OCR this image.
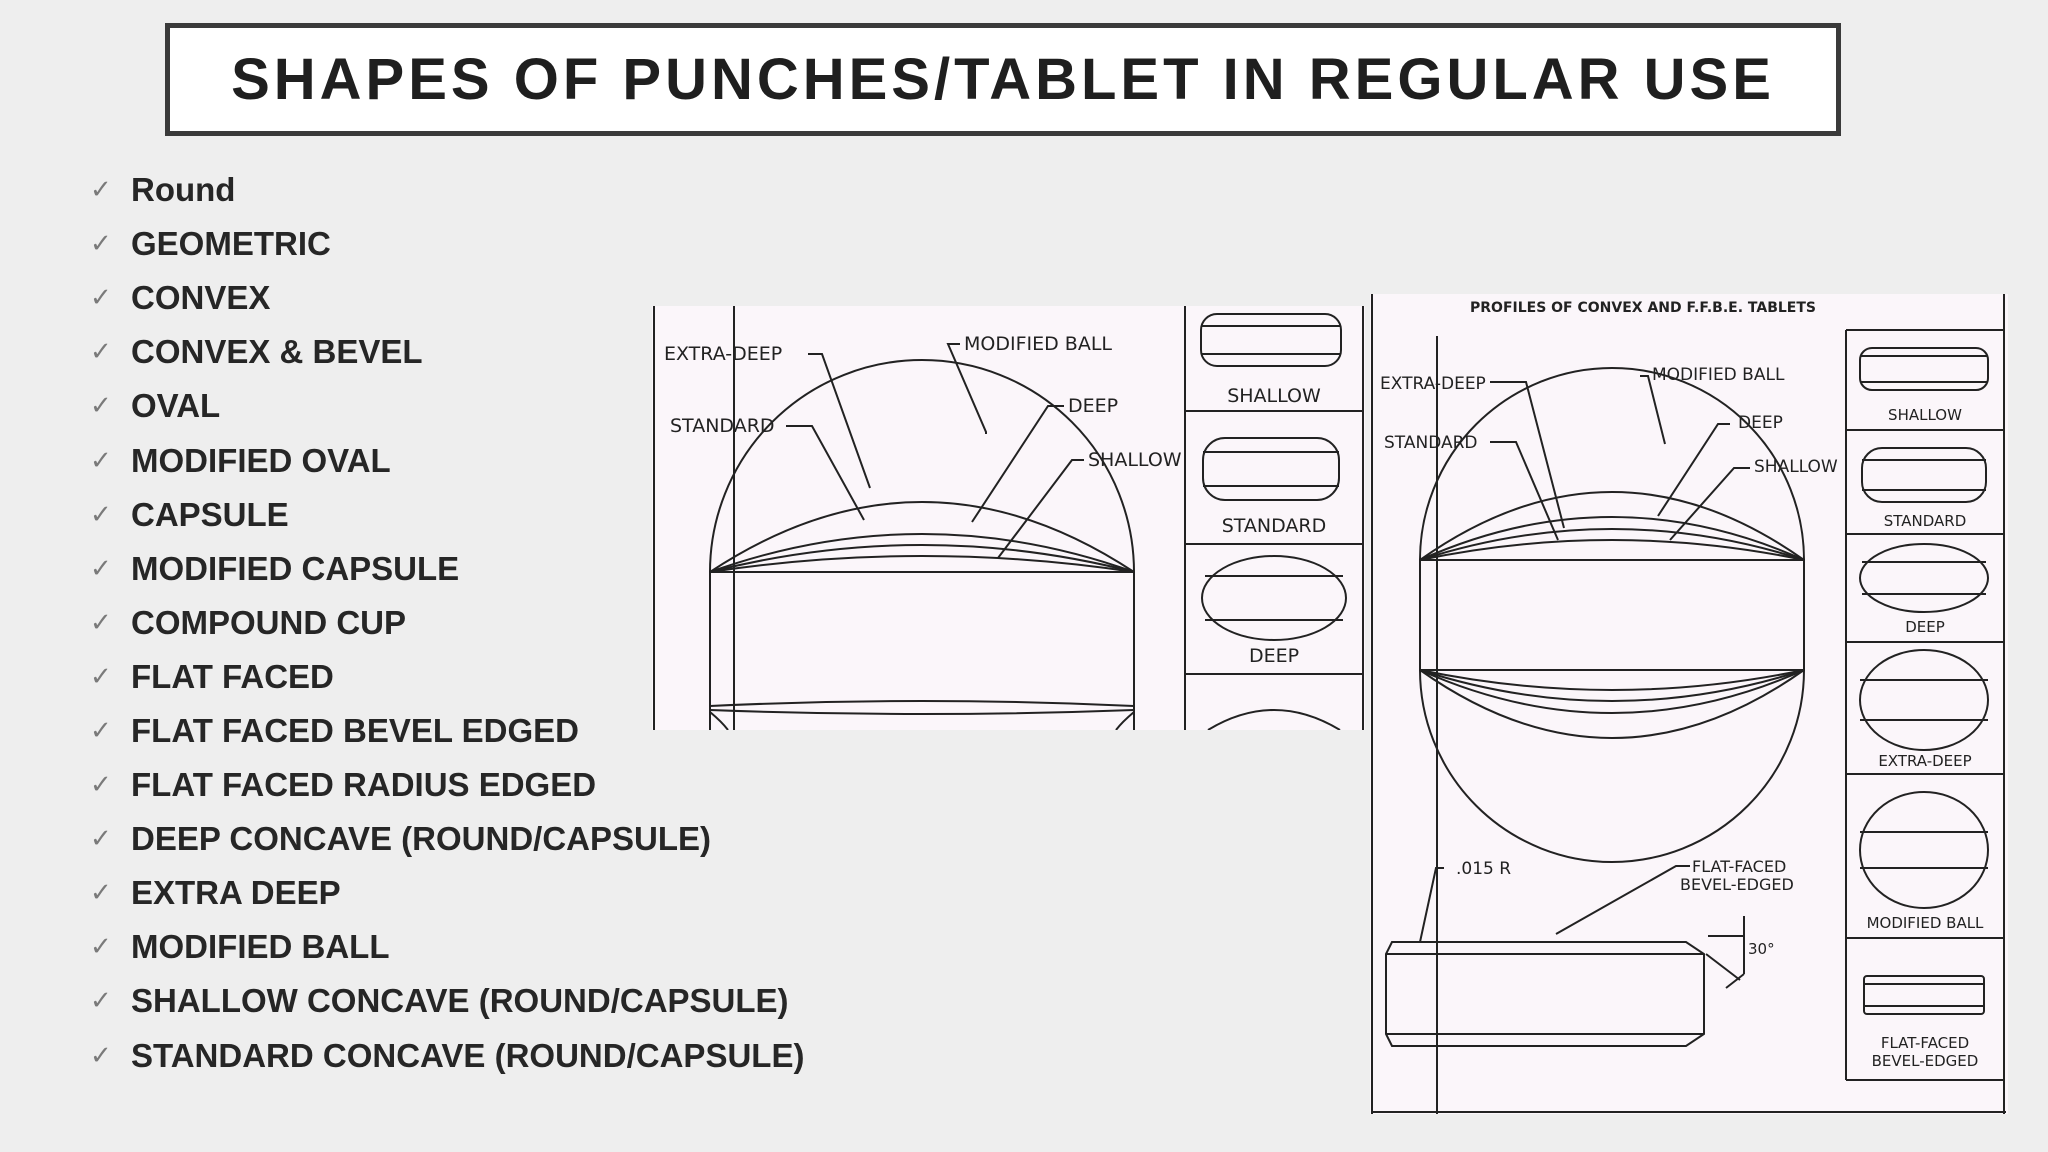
SHAPES OF PUNCHES/TABLET IN REGULAR USE
✓ Round
✓ GEOMETRIC
✓ CONVEX
✓ CONVEX & BEVEL
✓ OVAL
✓ MODIFIED OVAL
✓ CAPSULE
✓ MODIFIED CAPSULE
✓ COMPOUND CUP
✓ FLAT FACED
✓ FLAT FACED BEVEL EDGED
✓ FLAT FACED RADIUS EDGED
✓ DEEP CONCAVE (ROUND/CAPSULE)
✓ EXTRA DEEP
✓ MODIFIED BALL
✓ SHALLOW CONCAVE (ROUND/CAPSULE)
✓ STANDARD CONCAVE (ROUND/CAPSULE)
EXTRA-DEEP	MODIFIED BALL
STANDARD
DEEP
SHALLOW
SHALLOW
STANDARD
DEEP
PROFILES OF CONVEX AND F.F.B.E. TABLETS
EXTRA-DEEP	MODIFIED BALL
STANDARD
DEEP
SHALLOW
.015 R	FLAT-FACED
BEVEL-EDGED
30°
SHALLOW
STANDARD
DEEP
EXTRA-DEEP
MODIFIED BALL
FLAT-FACED
BEVEL-EDGED
